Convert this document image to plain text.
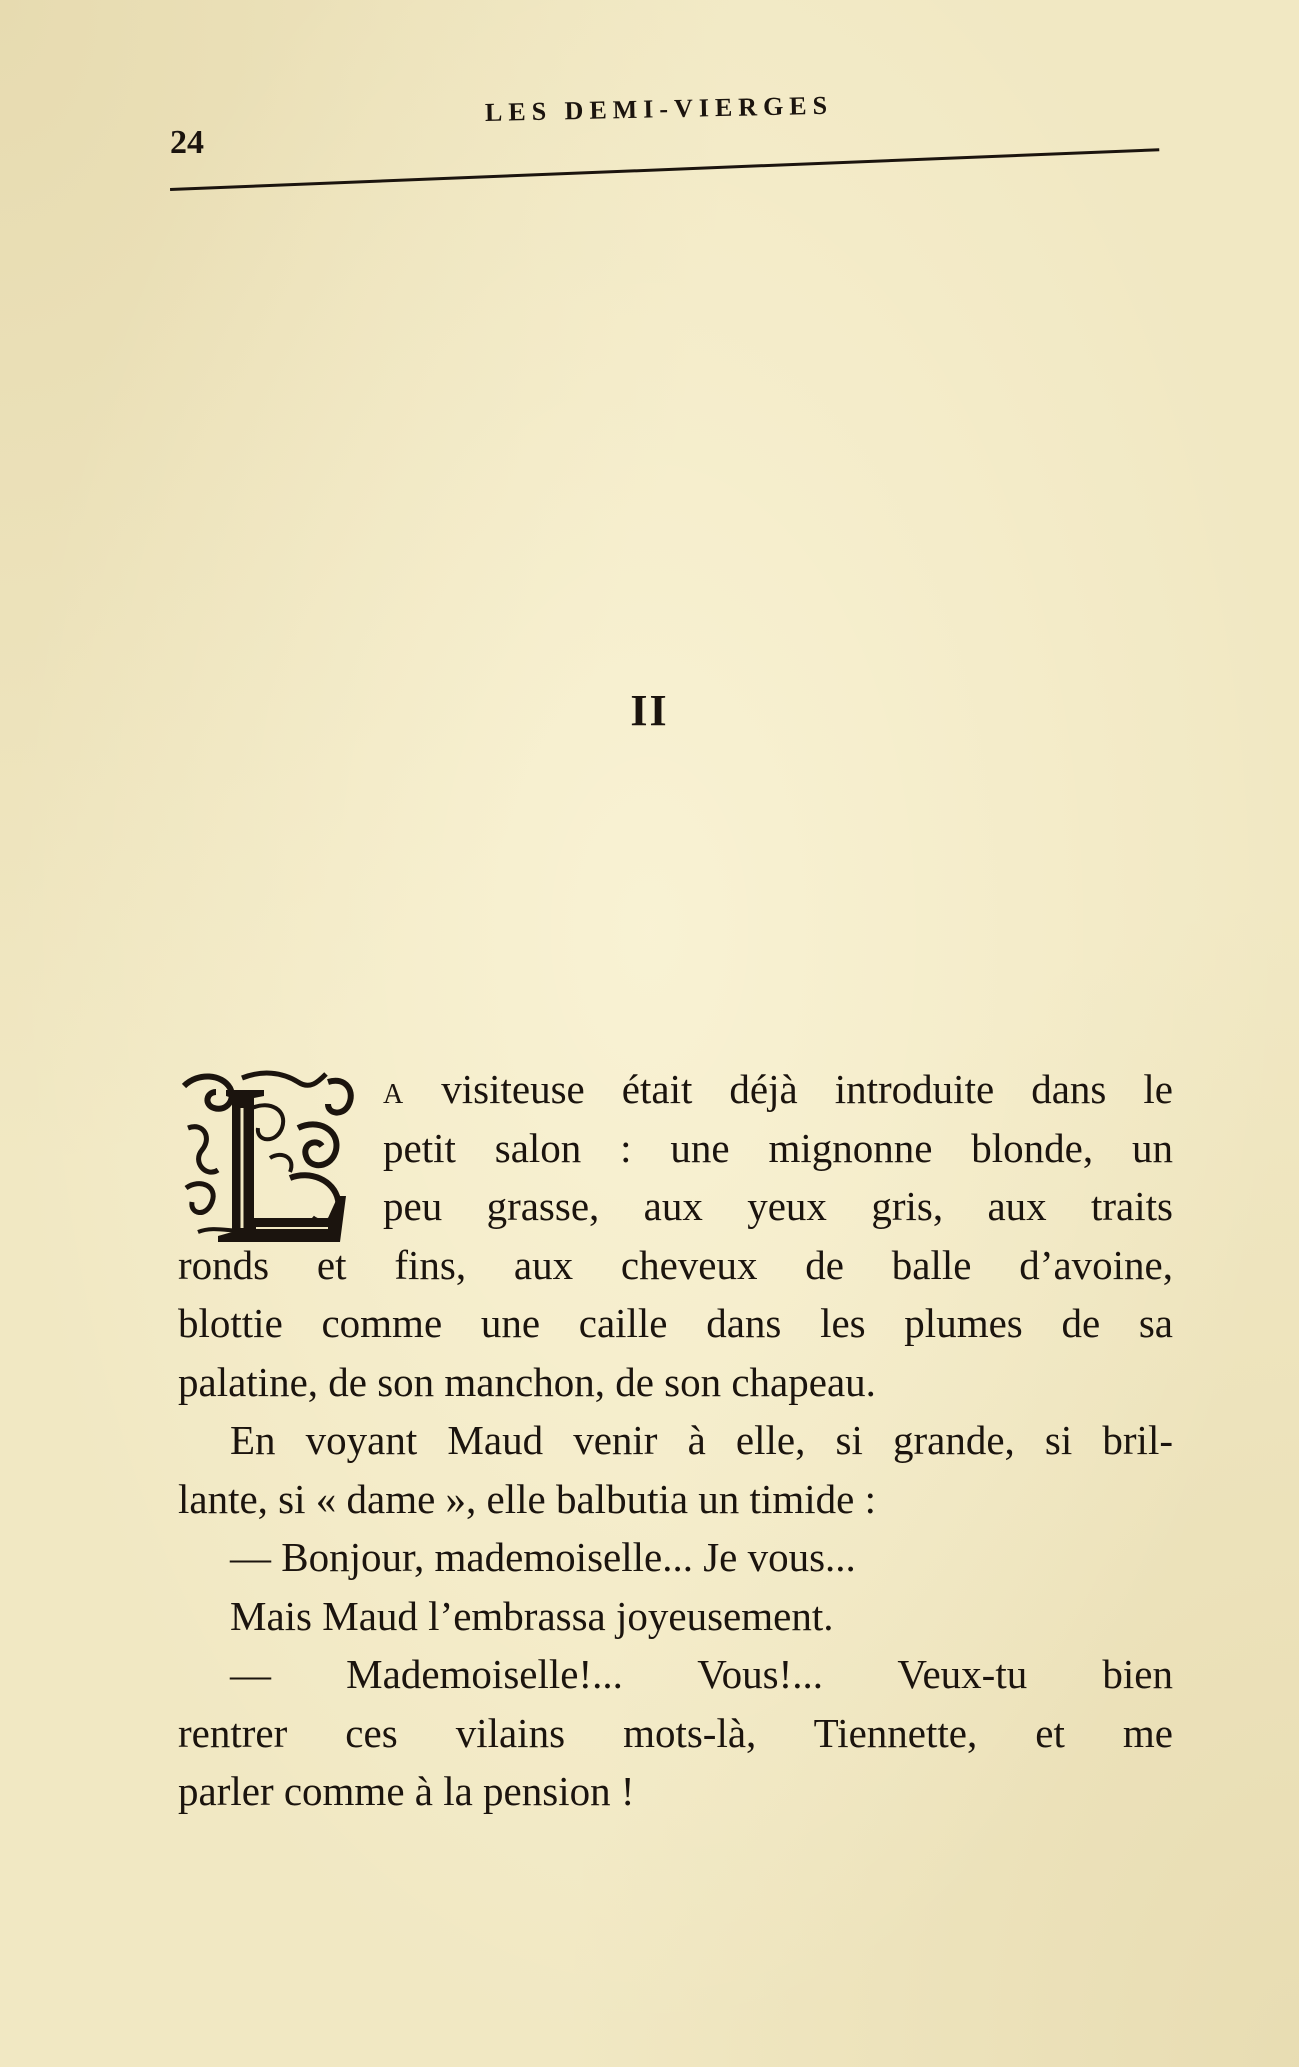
24
LES DEMI-VIERGES
II
A visiteuse était déjà introduite dans le
petit salon : une mignonne blonde, un
peu grasse, aux yeux gris, aux traits
ronds et fins, aux cheveux de balle d’avoine,
blottie comme une caille dans les plumes de sa
palatine, de son manchon, de son chapeau.
En voyant Maud venir à elle, si grande, si bril-
lante, si « dame », elle balbutia un timide :
— Bonjour, mademoiselle... Je vous...
Mais Maud l’embrassa joyeusement.
— Mademoiselle!... Vous!... Veux-tu bien
rentrer ces vilains mots-là, Tiennette, et me
parler comme à la pension !
